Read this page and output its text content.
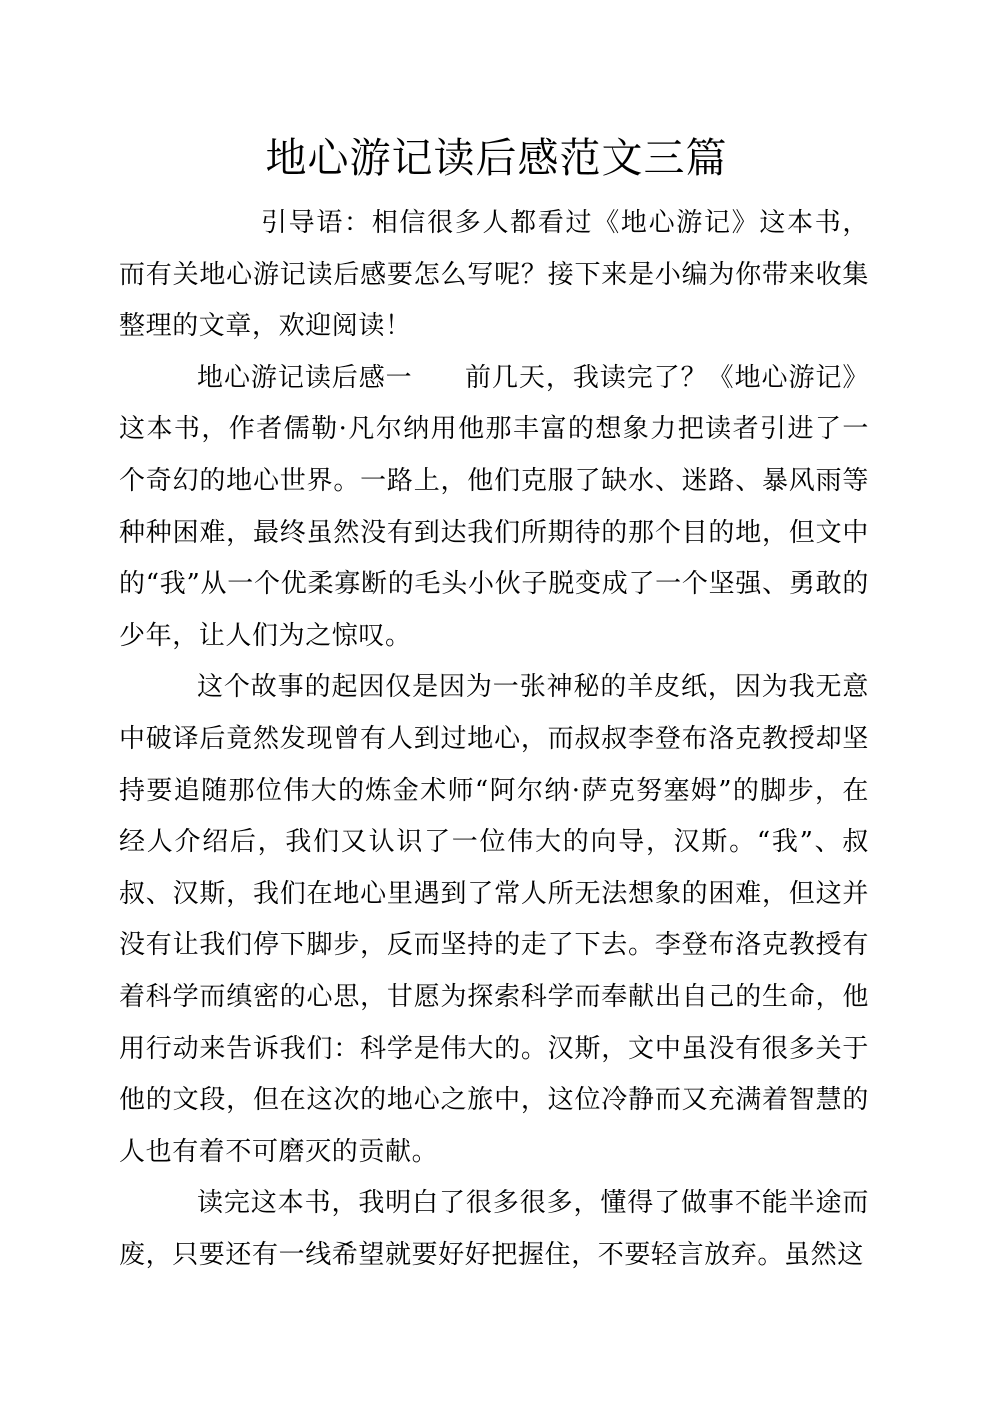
地心游记读后感范文三篇

引导语：相信很多人都看过《地心游记》这本书，而有关地心游记读后感要怎么写呢？接下来是小编为你带来收集整理的文章，欢迎阅读！

地心游记读后感一 前几天，我读完了？《地心游记》这本书，作者儒勒·凡尔纳用他那丰富的想象力把读者引进了一个奇幻的地心世界。一路上，他们克服了缺水、迷路、暴风雨等种种困难，最终虽然没有到达我们所期待的那个目的地，但文中的“我”从一个优柔寡断的毛头小伙子脱变成了一个坚强、勇敢的少年，让人们为之惊叹。

这个故事的起因仅是因为一张神秘的羊皮纸，因为我无意中破译后竟然发现曾有人到过地心，而叔叔李登布洛克教授却坚持要追随那位伟大的炼金术师“阿尔纳·萨克努塞姆”的脚步，在经人介绍后，我们又认识了一位伟大的向导，汉斯。“我”、叔叔、汉斯，我们在地心里遇到了常人所无法想象的困难，但这并没有让我们停下脚步，反而坚持的走了下去。李登布洛克教授有着科学而缜密的心思，甘愿为探索科学而奉献出自己的生命，他用行动来告诉我们：科学是伟大的。汉斯，文中虽没有很多关于他的文段，但在这次的地心之旅中，这位冷静而又充满着智慧的人也有着不可磨灭的贡献。

读完这本书，我明白了很多很多，懂得了做事不能半途而废，只要还有一线希望就要好好把握住，不要轻言放弃。虽然这
